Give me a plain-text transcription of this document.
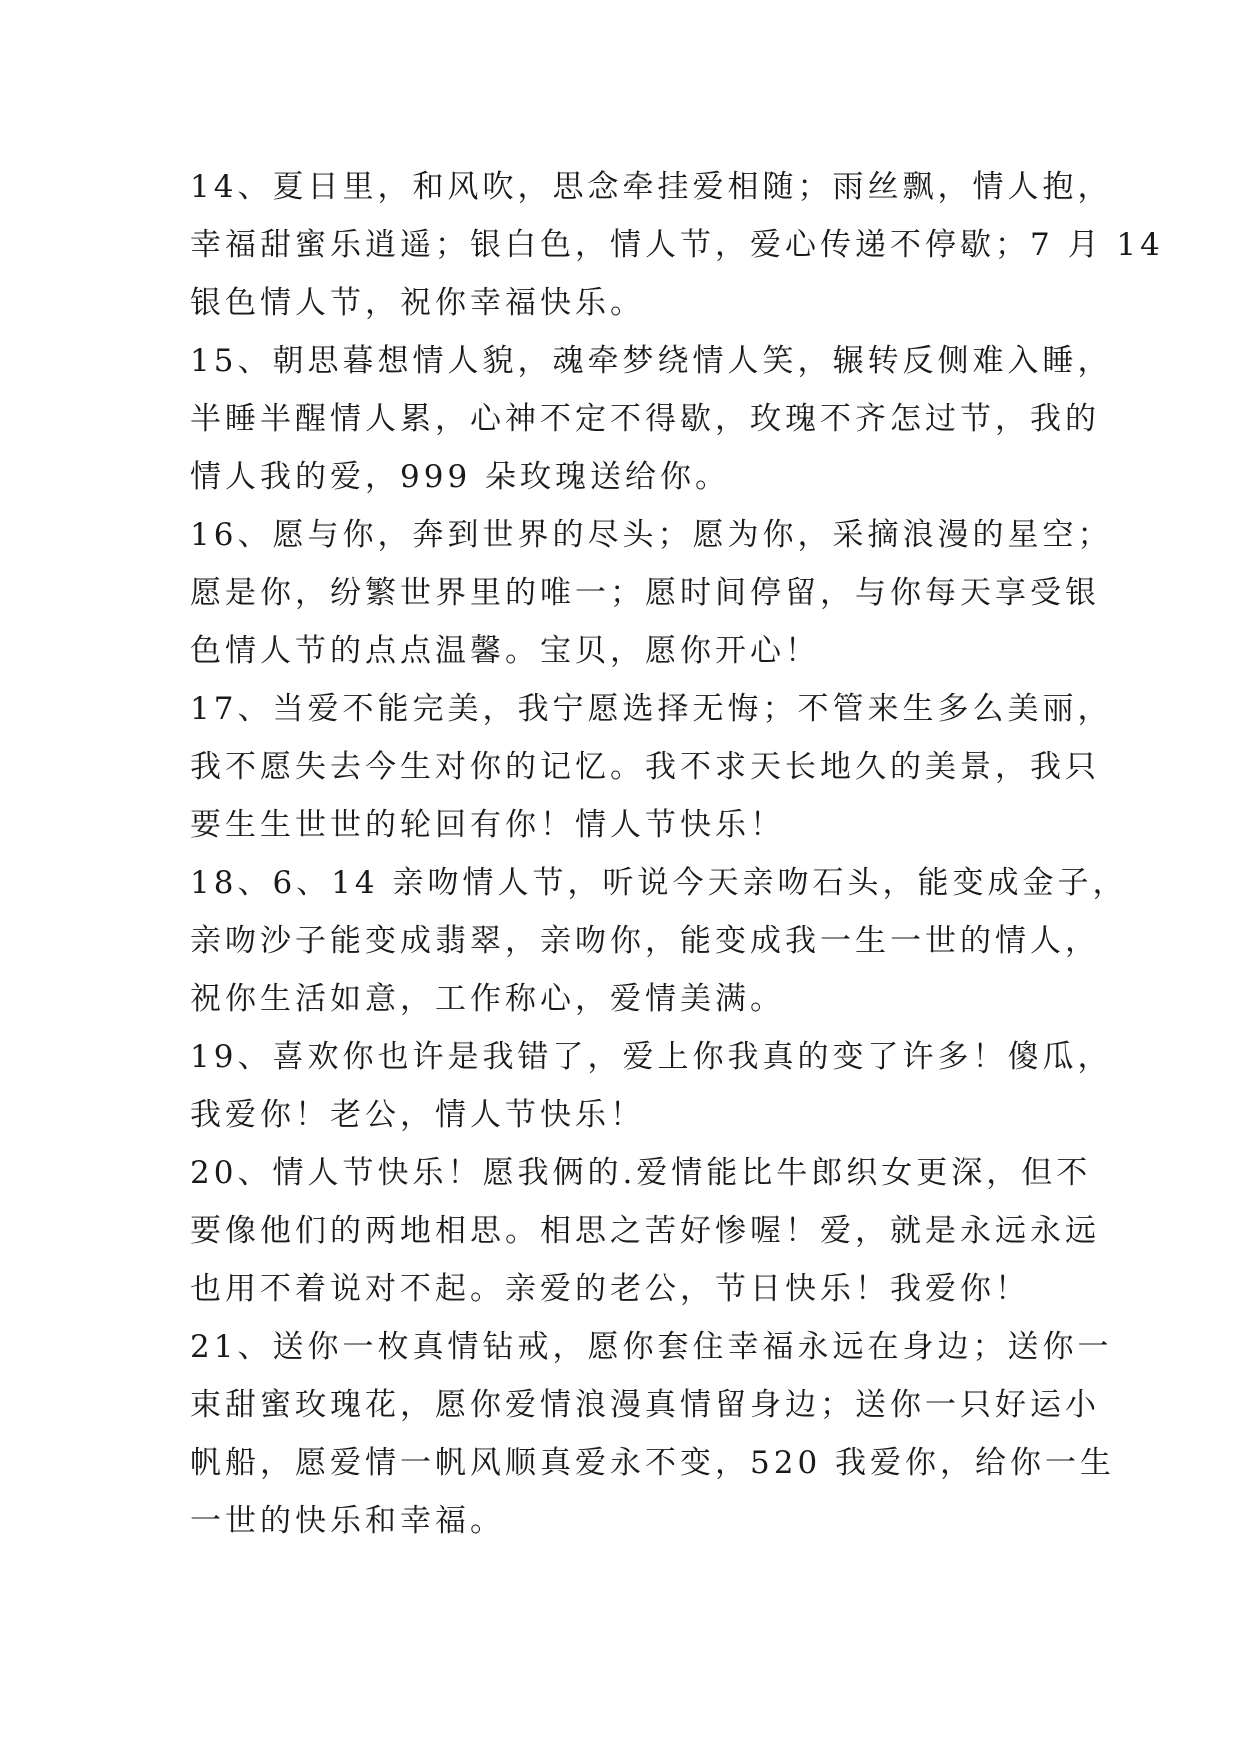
14、夏日里，和风吹，思念牵挂爱相随；雨丝飘，情人抱，
幸福甜蜜乐逍遥；银白色，情人节，爱心传递不停歇；7 月 14
银色情人节，祝你幸福快乐。
15、朝思暮想情人貌，魂牵梦绕情人笑，辗转反侧难入睡，
半睡半醒情人累，心神不定不得歇，玫瑰不齐怎过节，我的
情人我的爱，999 朵玫瑰送给你。
16、愿与你，奔到世界的尽头；愿为你，采摘浪漫的星空；
愿是你，纷繁世界里的唯一；愿时间停留，与你每天享受银
色情人节的点点温馨。宝贝，愿你开心！
17、当爱不能完美，我宁愿选择无悔；不管来生多么美丽，
我不愿失去今生对你的记忆。我不求天长地久的美景，我只
要生生世世的轮回有你！情人节快乐！
18、6、14 亲吻情人节，听说今天亲吻石头，能变成金子，
亲吻沙子能变成翡翠，亲吻你，能变成我一生一世的情人，
祝你生活如意，工作称心，爱情美满。
19、喜欢你也许是我错了，爱上你我真的变了许多！傻瓜，
我爱你！老公，情人节快乐！
20、情人节快乐！愿我俩的.爱情能比牛郎织女更深，但不
要像他们的两地相思。相思之苦好惨喔！爱，就是永远永远
也用不着说对不起。亲爱的老公，节日快乐！我爱你！
21、送你一枚真情钻戒，愿你套住幸福永远在身边；送你一
束甜蜜玫瑰花，愿你爱情浪漫真情留身边；送你一只好运小
帆船，愿爱情一帆风顺真爱永不变，520 我爱你，给你一生
一世的快乐和幸福。
